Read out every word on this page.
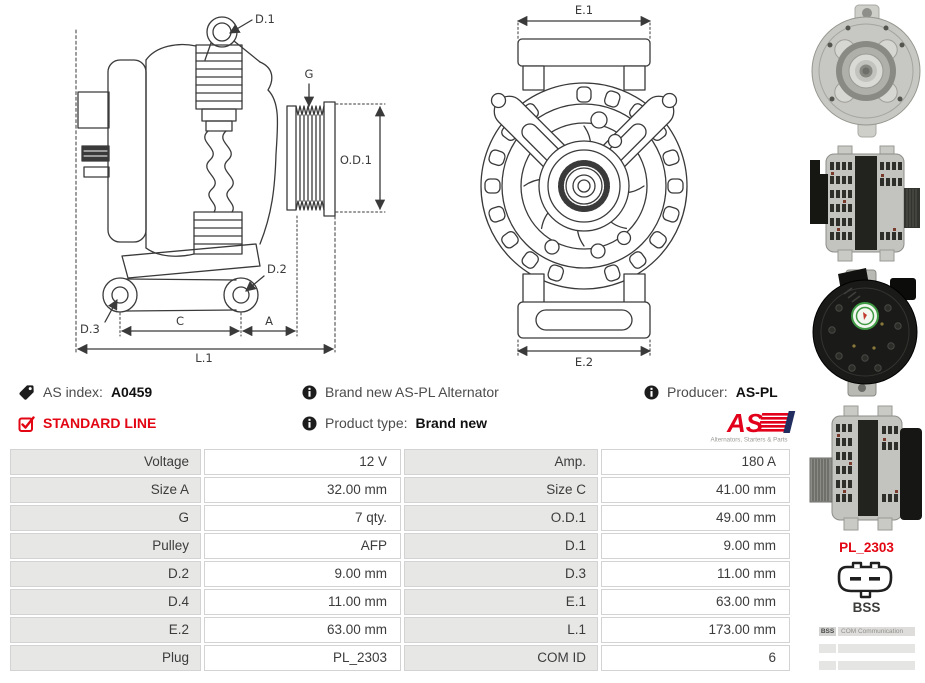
D.1
G
O.D.1
D.2
D.3
C	A
L.1
E.1
E.2
PL_2303
BSS
BSS	COM Communication
AS index: A0459	Brand new AS-PL Alternator	Producer: AS-PL
STANDARD LINE	Product type: Brand new	AS
Alternators, Starters & Parts
Voltage	12 V	Amp.	180 A
Size A	32.00 mm	Size C	41.00 mm
G	7 qty.	O.D.1	49.00 mm
Pulley	AFP	D.1	9.00 mm
D.2	9.00 mm	D.3	11.00 mm
D.4	11.00 mm	E.1	63.00 mm
E.2	63.00 mm	L.1	173.00 mm
Plug	PL_2303	COM ID	6
